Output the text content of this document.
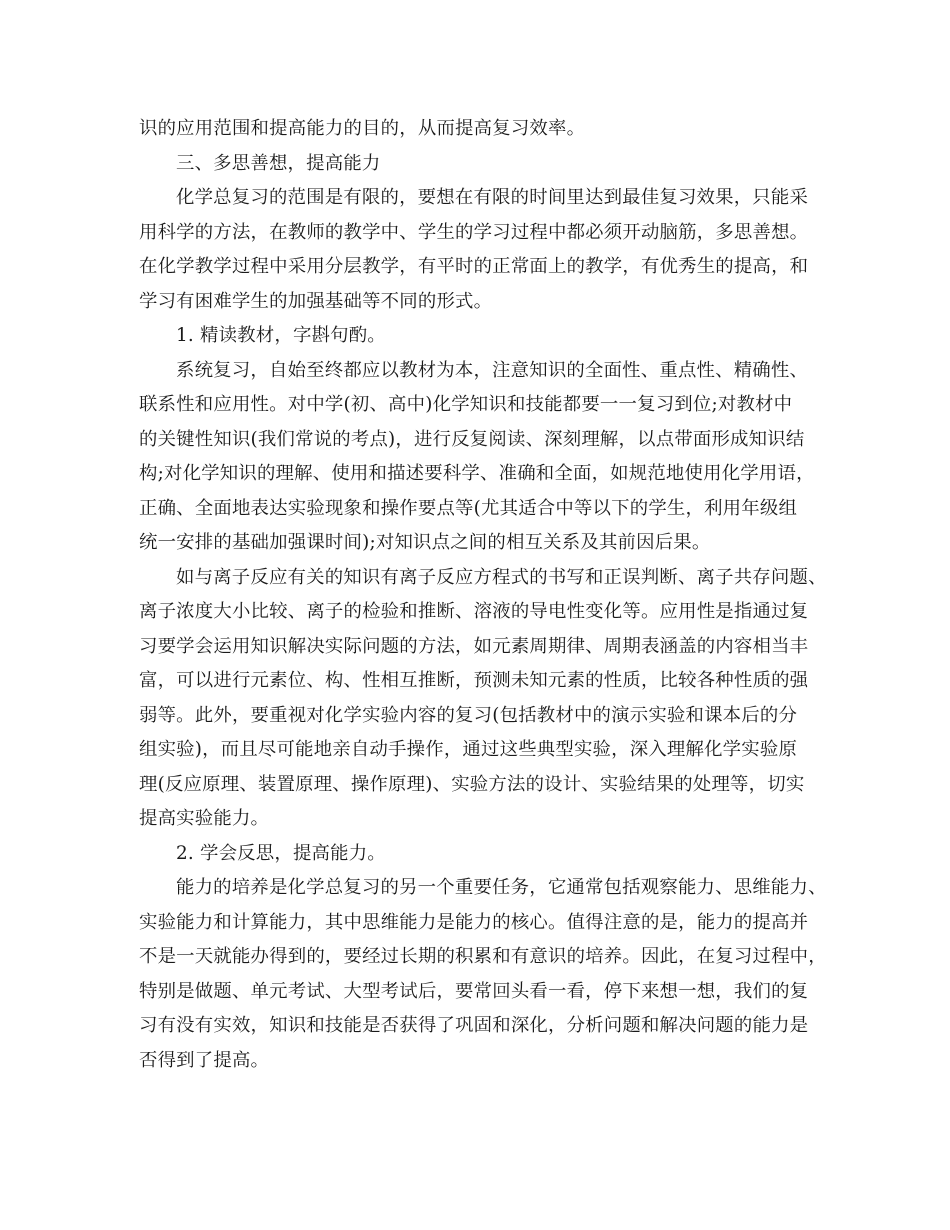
识的应用范围和提高能力的目的，从而提高复习效率。
三、多思善想，提高能力
化学总复习的范围是有限的，要想在有限的时间里达到最佳复习效果，只能采
用科学的方法，在教师的教学中、学生的学习过程中都必须开动脑筋，多思善想。
在化学教学过程中采用分层教学，有平时的正常面上的教学，有优秀生的提高，和
学习有困难学生的加强基础等不同的形式。
1. 精读教材，字斟句酌。
系统复习，自始至终都应以教材为本，注意知识的全面性、重点性、精确性、
联系性和应用性。对中学(初、高中)化学知识和技能都要一一复习到位;对教材中
的关键性知识(我们常说的考点)，进行反复阅读、深刻理解，以点带面形成知识结
构;对化学知识的理解、使用和描述要科学、准确和全面，如规范地使用化学用语，
正确、全面地表达实验现象和操作要点等(尤其适合中等以下的学生，利用年级组
统一安排的基础加强课时间);对知识点之间的相互关系及其前因后果。
如与离子反应有关的知识有离子反应方程式的书写和正误判断、离子共存问题、
离子浓度大小比较、离子的检验和推断、溶液的导电性变化等。应用性是指通过复
习要学会运用知识解决实际问题的方法，如元素周期律、周期表涵盖的内容相当丰
富，可以进行元素位、构、性相互推断，预测未知元素的性质，比较各种性质的强
弱等。此外，要重视对化学实验内容的复习(包括教材中的演示实验和课本后的分
组实验)，而且尽可能地亲自动手操作，通过这些典型实验，深入理解化学实验原
理(反应原理、装置原理、操作原理)、实验方法的设计、实验结果的处理等，切实
提高实验能力。
2. 学会反思，提高能力。
能力的培养是化学总复习的另一个重要任务，它通常包括观察能力、思维能力、
实验能力和计算能力，其中思维能力是能力的核心。值得注意的是，能力的提高并
不是一天就能办得到的，要经过长期的积累和有意识的培养。因此，在复习过程中，
特别是做题、单元考试、大型考试后，要常回头看一看，停下来想一想，我们的复
习有没有实效，知识和技能是否获得了巩固和深化，分析问题和解决问题的能力是
否得到了提高。
